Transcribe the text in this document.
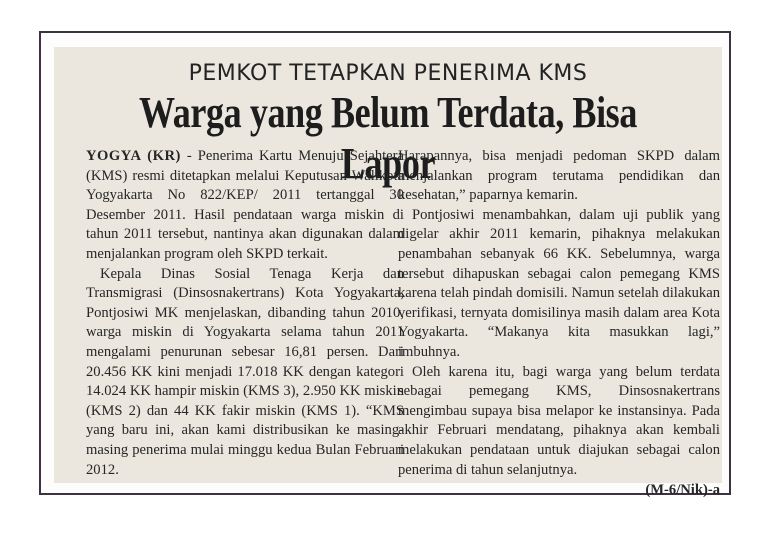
PEMKOT TETAPKAN PENERIMA KMS
Warga yang Belum Terdata, Bisa Lapor

YOGYA (KR) - Penerima Kartu Menuju Sejahtera (KMS) resmi ditetapkan melalui Keputusan Walikota Yogyakarta No 822/KEP/ 2011 tertanggal 30 Desember 2011. Hasil pendataan warga miskin di tahun 2011 tersebut, nantinya akan digunakan dalam menjalankan program oleh SKPD terkait.

Kepala Dinas Sosial Tenaga Kerja dan Transmigrasi (Dinsosnakertrans) Kota Yogyakarta, Pontjosiwi MK menjelaskan, dibanding tahun 2010, warga miskin di Yogyakarta selama tahun 2011 mengalami penurunan sebesar 16,81 persen. Dari 20.456 KK kini menjadi 17.018 KK dengan kategori 14.024 KK hampir miskin (KMS 3), 2.950 KK miskin (KMS 2) dan 44 KK fakir miskin (KMS 1). “KMS yang baru ini, akan kami distribusikan ke masing-masing penerima mulai minggu kedua Bulan Februari 2012.

Harapannya, bisa menjadi pedoman SKPD dalam menjalankan program terutama pendidikan dan kesehatan,” paparnya kemarin.

Pontjosiwi menambahkan, dalam uji publik yang digelar akhir 2011 kemarin, pihaknya melakukan penambahan sebanyak 66 KK. Sebelumnya, warga tersebut dihapuskan sebagai calon pemegang KMS karena telah pindah domisili. Namun setelah dilakukan verifikasi, ternyata domisilinya masih dalam area Kota Yogyakarta. “Makanya kita masukkan lagi,” imbuhnya.

Oleh karena itu, bagi warga yang belum terdata sebagai pemegang KMS, Dinsosnakertrans mengimbau supaya bisa melapor ke instansinya. Pada akhir Februari mendatang, pihaknya akan kembali melakukan pendataan untuk diajukan sebagai calon penerima di tahun selanjutnya.

(M-6/Nik)-a
